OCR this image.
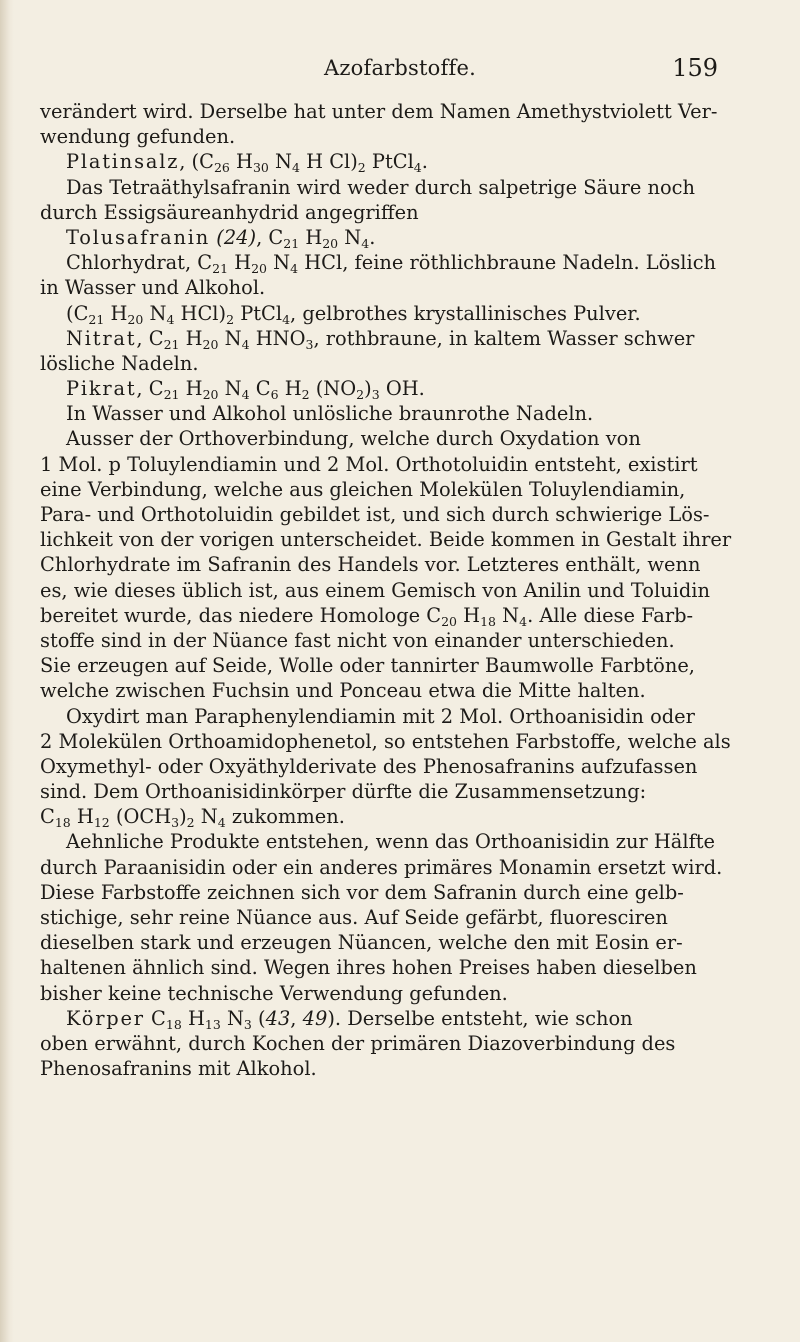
Azofarbstoffe.	159
verändert wird. Derselbe hat unter dem Namen Amethystviolett Ver-
wendung gefunden.
Platinsalz, ($C_{26}$ $H_{30}$ $N_4$ H $Cl)_2$ PtCl$_4$.
Das Tetraäthylsafranin wird weder durch salpetrige Säure noch
durch Essigsäureanhydrid angegriffen
Tolusafranin (24), $C_{21}$ $H_{20}$ $N_4$.
Chlorhydrat, $C_{21}$ $H_{20}$ $N_4$ HCl, feine röthlichbraune Nadeln. Löslich
in Wasser und Alkohol.
($C_{21}$ $H_{20}$ $N_4$ $HCl)_2$ PtCl$_4$, gelbrothes krystallinisches Pulver.
Nitrat, $C_{21}$ $H_{20}$ $N_4$ $HNO_3$, rothbraune, in kaltem Wasser schwer
lösliche Nadeln.
Pikrat, $C_{21}$ $H_{20}$ $N_4$ $C_6$ $H_2$ $(NO_2)_3$ OH.
In Wasser und Alkohol unlösliche braunrothe Nadeln.
Ausser der Orthoverbindung, welche durch Oxydation von
1 Mol. p Toluylendiamin und 2 Mol. Orthotoluidin entsteht, existirt
eine Verbindung, welche aus gleichen Molekülen Toluylendiamin,
Para- und Orthotoluidin gebildet ist, und sich durch schwierige Lös-
lichkeit von der vorigen unterscheidet. Beide kommen in Gestalt ihrer
Chlorhydrate im Safranin des Handels vor. Letzteres enthält, wenn
es, wie dieses üblich ist, aus einem Gemisch von Anilin und Toluidin
bereitet wurde, das niedere Homologe $C_{20}$ $H_{18}$ $N_4$. Alle diese Farb-
stoffe sind in der Nüance fast nicht von einander unterschieden.
Sie erzeugen auf Seide, Wolle oder tannirter Baumwolle Farbtöne,
welche zwischen Fuchsin und Ponceau etwa die Mitte halten.
Oxydirt man Paraphenylendiamin mit 2 Mol. Orthoanisidin oder
2 Molekülen Orthoamidophenetol, so entstehen Farbstoffe, welche als
Oxymethyl- oder Oxyäthylderivate des Phenosafranins aufzufassen
sind. Dem Orthoanisidinkörper dürfte die Zusammensetzung:
$C_{18}$ $H_{12}$ $(OCH_3)_2$ $N_4$ zukommen.
Aehnliche Produkte entstehen, wenn das Orthoanisidin zur Hälfte
durch Paraanisidin oder ein anderes primäres Monamin ersetzt wird.
Diese Farbstoffe zeichnen sich vor dem Safranin durch eine gelb-
stichige, sehr reine Nüance aus. Auf Seide gefärbt, fluoresciren
dieselben stark und erzeugen Nüancen, welche den mit Eosin er-
haltenen ähnlich sind. Wegen ihres hohen Preises haben dieselben
bisher keine technische Verwendung gefunden.
Körper $C_{18}$ $H_{13}$ $N_3$ (43, 49). Derselbe entsteht, wie schon
oben erwähnt, durch Kochen der primären Diazoverbindung des
Phenosafranins mit Alkohol.
